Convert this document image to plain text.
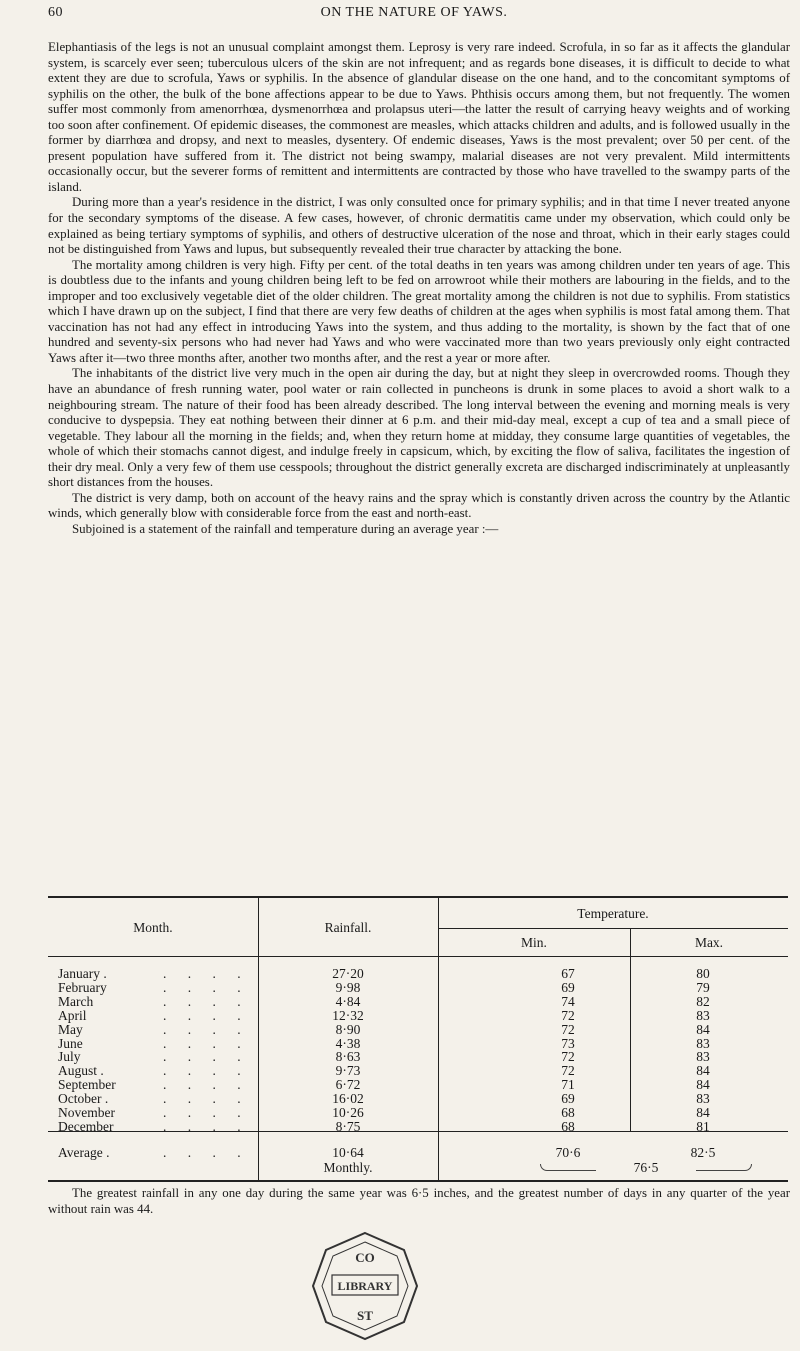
60	ON THE NATURE OF YAWS.

Elephantiasis of the legs is not an unusual complaint amongst them. Leprosy is very rare indeed. Scrofula, in so far as it affects the glandular system, is scarcely ever seen; tuberculous ulcers of the skin are not infrequent; and as regards bone diseases, it is difficult to decide to what extent they are due to scrofula, Yaws or syphilis. In the absence of glandular disease on the one hand, and to the concomitant symptoms of syphilis on the other, the bulk of the bone affections appear to be due to Yaws. Phthisis occurs among them, but not frequently. The women suffer most commonly from amenorrhœa, dysmenorrhœa and prolapsus uteri—the latter the result of carrying heavy weights and of working too soon after confinement. Of epidemic diseases, the commonest are measles, which attacks children and adults, and is followed usually in the former by diarrhœa and dropsy, and next to measles, dysentery. Of endemic diseases, Yaws is the most prevalent; over 50 per cent. of the present population have suffered from it. The district not being swampy, malarial diseases are not very prevalent. Mild intermittents occasionally occur, but the severer forms of remittent and intermittents are contracted by those who have travelled to the swampy parts of the island.

During more than a year's residence in the district, I was only consulted once for primary syphilis; and in that time I never treated anyone for the secondary symptoms of the disease. A few cases, however, of chronic dermatitis came under my observation, which could only be explained as being tertiary symptoms of syphilis, and others of destructive ulceration of the nose and throat, which in their early stages could not be distinguished from Yaws and lupus, but subsequently revealed their true character by attacking the bone.

The mortality among children is very high. Fifty per cent. of the total deaths in ten years was among children under ten years of age. This is doubtless due to the infants and young children being left to be fed on arrowroot while their mothers are labouring in the fields, and to the improper and too exclusively vegetable diet of the older children. The great mortality among the children is not due to syphilis. From statistics which I have drawn up on the subject, I find that there are very few deaths of children at the ages when syphilis is most fatal among them. That vaccination has not had any effect in introducing Yaws into the system, and thus adding to the mortality, is shown by the fact that of one hundred and seventy-six persons who had never had Yaws and who were vaccinated more than two years previously only eight contracted Yaws after it—two three months after, another two months after, and the rest a year or more after.

The inhabitants of the district live very much in the open air during the day, but at night they sleep in overcrowded rooms. Though they have an abundance of fresh running water, pool water or rain collected in puncheons is drunk in some places to avoid a short walk to a neighbouring stream. The nature of their food has been already described. The long interval between the evening and morning meals is very conducive to dyspepsia. They eat nothing between their dinner at 6 p.m. and their mid-day meal, except a cup of tea and a small piece of vegetable. They labour all the morning in the fields; and, when they return home at midday, they consume large quantities of vegetables, the whole of which their stomachs cannot digest, and indulge freely in capsicum, which, by exciting the flow of saliva, facilitates the ingestion of their dry meal. Only a very few of them use cesspools; throughout the district generally excreta are discharged indiscriminately at unpleasantly short distances from the houses.

The district is very damp, both on account of the heavy rains and the spray which is constantly driven across the country by the Atlantic winds, which generally blow with considerable force from the east and north-east.

Subjoined is a statement of the rainfall and temperature during an average year :—

Month.	Rainfall.
Temperature.
Min.	Max.
January .	. . . .	27·20	67	80
February	. . . .	9·98	69	79
March	. . . .	4·84	74	82
April	. . . .	12·32	72	83
May	. . . .	8·90	72	84
June	. . . .	4·38	73	83
July	. . . .	8·63	72	83
August .	. . . .	9·73	72	84
September	. . . .	6·72	71	84
October .	. . . .	16·02	69	83
November	. . . .	10·26	68	84
December	. . . .	8·75	68	81
Average .	. . . .	10·64	70·6	82·5
Monthly.	76·5

The greatest rainfall in any one day during the same year was 6·5 inches, and the greatest number of days in any quarter of the year without rain was 44.

CO
LIBRARY
ST
